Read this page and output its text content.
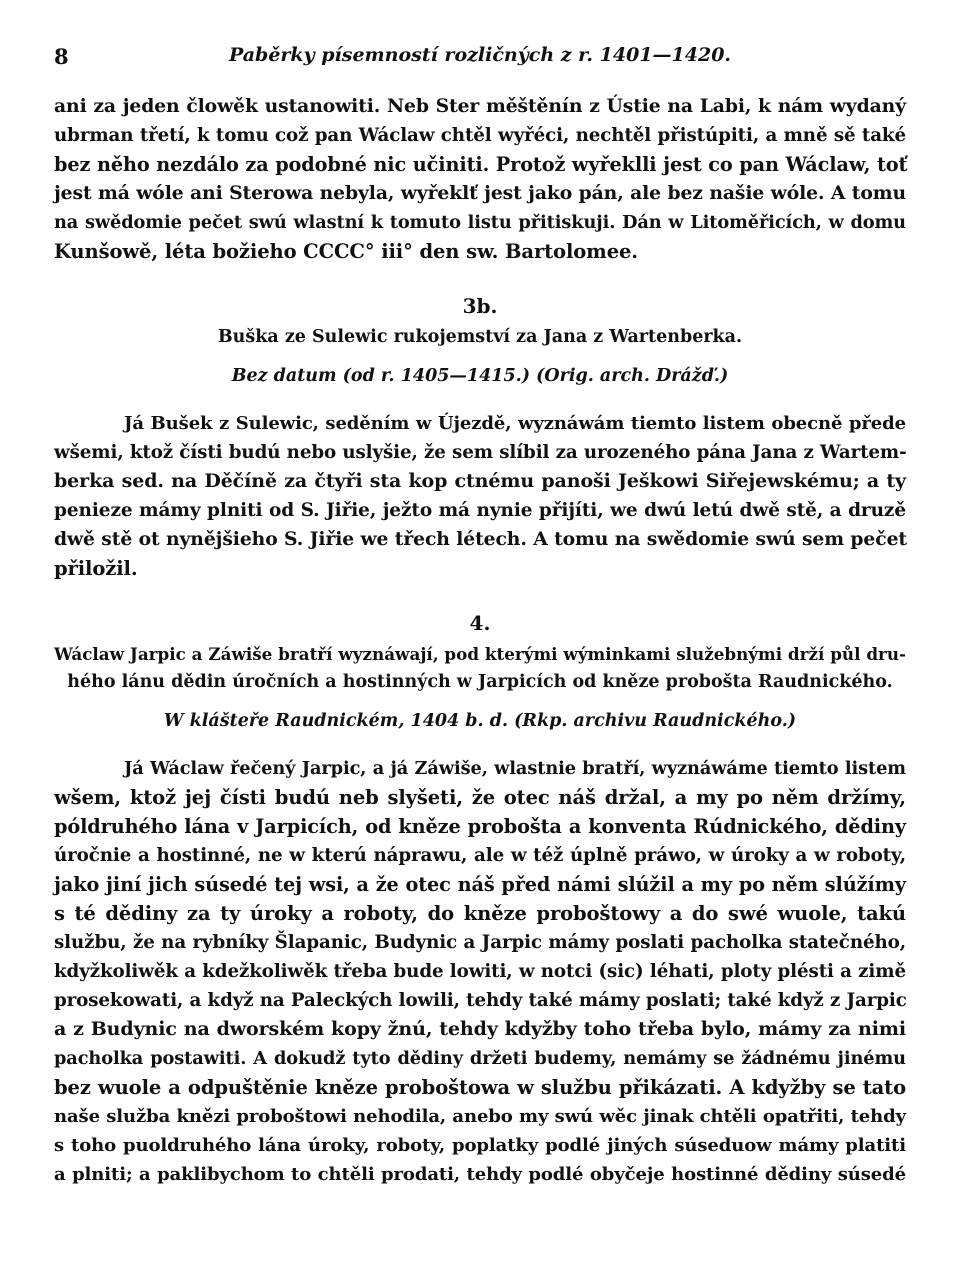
8	Paběrky písemností rozličných z r. 1401—1420.
ani za jeden člowěk ustanowiti. Neb Ster měštěnín z Ústie na Labi, k nám wydaný
ubrman třetí, k tomu což pan Wáclaw chtěl wyřéci, nechtěl přistúpiti, a mně sě také
bez něho nezdálo za podobné nic učiniti. Protož wyřeklli jest co pan Wáclaw, toť
jest má wóle ani Sterowa nebyla, wyřeklť jest jako pán, ale bez našie wóle. A tomu
na swědomie pečet swú wlastní k tomuto listu přitiskuji. Dán w Litoměřicích, w domu
Kunšowě, léta božieho CCCC° iii° den sw. Bartolomee.
3b.
Buška ze Sulewic rukojemství za Jana z Wartenberka.
Bez datum (od r. 1405—1415.) (Orig. arch. Drážď.)
Já Bušek z Sulewic, seděním w Újezdě, wyznáwám tiemto listem obecně přede
wšemi, ktož čísti budú nebo uslyšie, že sem slíbil za urozeného pána Jana z Wartem-
berka sed. na Děčíně za čtyři sta kop ctnému panoši Ješkowi Siřejewskému; a ty
penieze mámy plniti od S. Jiřie, ježto má nynie přijíti, we dwú letú dwě stě, a druzě
dwě stě ot nynějšieho S. Jiřie we třech létech. A tomu na swědomie swú sem pečet
přiložil.
4.
Wáclaw Jarpic a Záwiše bratří wyznáwají, pod kterými wýminkami služebnými drží půl dru-
hého lánu dědin úročních a hostinných w Jarpicích od kněze probošta Raudnického.
W klášteře Raudnickém, 1404 b. d. (Rkp. archivu Raudnického.)
Já Wáclaw řečený Jarpic, a já Záwiše, wlastnie bratří, wyznáwáme tiemto listem
wšem, ktož jej čísti budú neb slyšeti, že otec náš držal, a my po něm držímy,
póldruhého lána v Jarpicích, od kněze probošta a konventa Rúdnického, dědiny
úročnie a hostinné, ne w kterú náprawu, ale w též úplně práwo, w úroky a w roboty,
jako jiní jich súsedé tej wsi, a že otec náš před námi slúžil a my po něm slúžímy
s té dědiny za ty úroky a roboty, do kněze proboštowy a do swé wuole, takú
službu, že na rybníky Šlapanic, Budynic a Jarpic mámy poslati pacholka statečného,
kdyžkoliwěk a kdežkoliwěk třeba bude lowiti, w notci (sic) léhati, ploty plésti a zimě
prosekowati, a když na Paleckých lowili, tehdy také mámy poslati; také když z Jarpic
a z Budynic na dworském kopy žnú, tehdy kdyžby toho třeba bylo, mámy za nimi
pacholka postawiti. A dokudž tyto dědiny držeti budemy, nemámy se žádnému jinému
bez wuole a odpuštěnie kněze proboštowa w službu přikázati. A kdyžby se tato
naše služba knězi proboštowi nehodila, anebo my swú wěc jinak chtěli opatřiti, tehdy
s toho puoldruhého lána úroky, roboty, poplatky podlé jiných súseduow mámy platiti
a plniti; a paklibychom to chtěli prodati, tehdy podlé obyčeje hostinné dědiny súsedé
